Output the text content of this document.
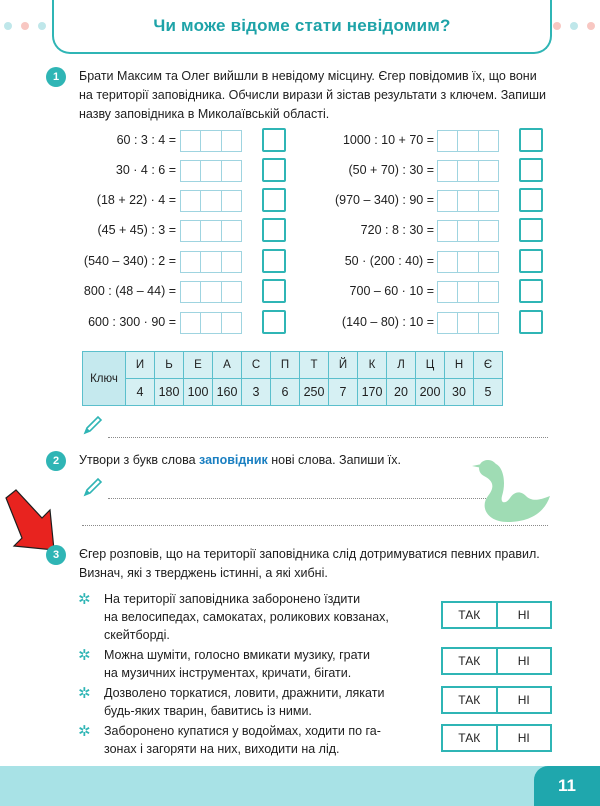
Чи може відоме стати невідомим?
1	Брати Максим та Олег вийшли в невідому місцину. Єгер повідомив їх, що вони
на території заповідника. Обчисли вирази й зістав результати з ключем. Запиши
назву заповідника в Миколаївській області.
60 : 3 : 4 =	1000 : 10 + 70 =
30 · 4 : 6 =	(50 + 70) : 30 =
(18 + 22) · 4 =	(970 – 340) : 90 =
(45 + 45) : 3 =	720 : 8 : 30 =
(540 – 340) : 2 =	50 · (200 : 40) =
800 : (48 – 44) =	700 – 60 · 10 =
600 : 300 · 90 =	(140 – 80) : 10 =
Ключ	И	Ь	Е	А	С	П	Т	Й	К	Л	Ц	Н	Є
	4	180	100	160	3	6	250	7	170	20	200	30	5
2	Утвори з букв слова заповідник нові слова. Запиши їх.
3	Єгер розповів, що на території заповідника слід дотримуватися певних правил.
Визнач, які з тверджень істинні, а які хибні.
✲ На території заповідника заборонено їздити
на велосипедах, самокатах, роликових ковзанах,
скейтборді.
ТАК	НІ
✲ Можна шуміти, голосно вмикати музику, грати
на музичних інструментах, кричати, бігати.
ТАК	НІ
✲ Дозволено торкатися, ловити, дражнити, лякати
будь-яких тварин, бавитись із ними.
ТАК	НІ
✲ Заборонено купатися у водоймах, ходити по га-
зонах і загоряти на них, виходити на лід.
ТАК	НІ
11
